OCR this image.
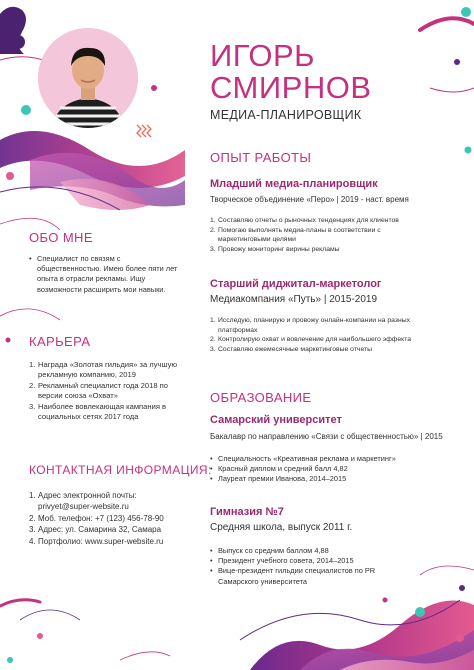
ИГОРЬ
СМИРНОВ
МЕДИА-ПЛАНИРОВЩИК
ОБО МНЕ
• Специалист по связям с общественностью. Имею более пяти лет опыта в отрасли рекламы. Ищу возможности расширить мои навыки.
КАРЬЕРА
Награда «Золотая гильдия» за лучшую рекламную компанию, 2019
Рекламный специалист года 2018 по версии союза «Охват»
Наиболее вовлекающая кампания в социальных сетях 2017 года
КОНТАКТНАЯ ИНФОРМАЦИЯ:
Адрес электронной почты: privyet@super-website.ru
Моб. телефон: +7 (123) 456-78-90
Адрес: ул. Самарина 32, Самара
Портфолио: www.super-website.ru
ОПЫТ РАБОТЫ
Младший медиа-планировщик
Творческое объединение «Перо» | 2019 - наст. время
Составляю отчеты о рыночных тенденциях для клиентов
Помогаю выполнять медиа-планы в соответствии с маркетинговыми целями
Провожу мониторинг вирины рекламы
Старший диджитал-маркетолог
Медиакомпания «Путь» | 2015-2019
Исследую, планирую и провожу онлайн-компании на разных платформах
Контролирую охват и вовлечение для наибольшего эффекта
Составляю ежемесячные маркетинговые отчеты
ОБРАЗОВАНИЕ
Самарский университет
Бакалавр по направлению «Связи с общественностью» | 2015
• Специальность «Креативная реклама и маркетинг»
• Красный диплом и средний балл 4,82
• Лауреат премии Иванова, 2014–2015
Гимназия №7
Средняя школа, выпуск 2011 г.
• Выпуск со средним баллом 4,88
• Президент учебного совета, 2014–2015
• Вице-президент гильдии специалистов по PR Самарского университета
